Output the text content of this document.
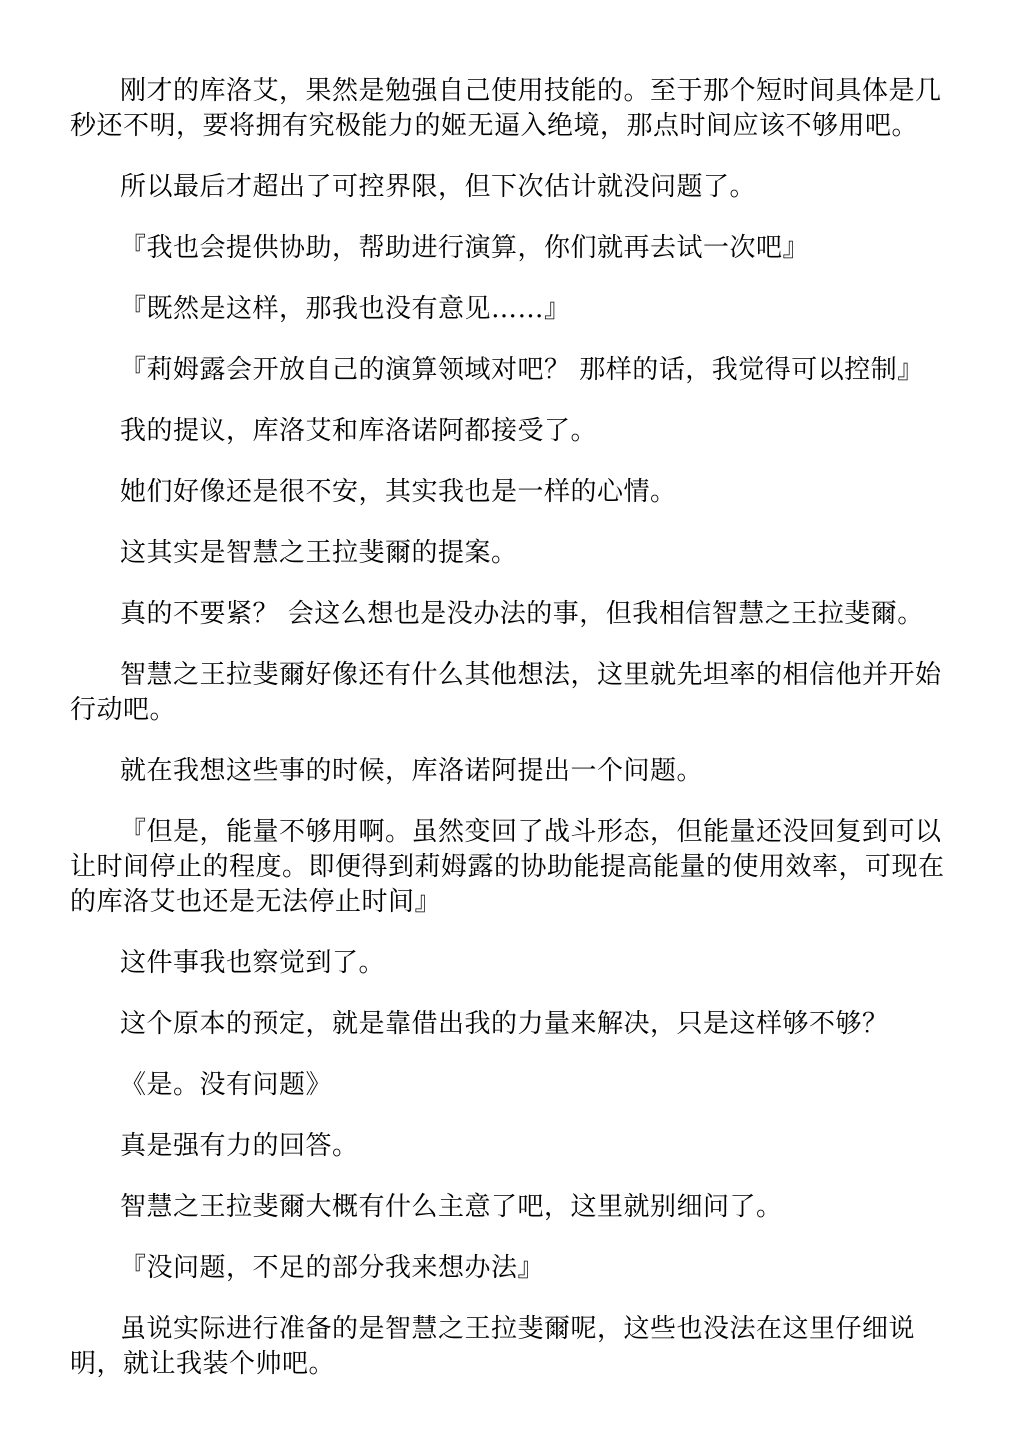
刚才的库洛艾，果然是勉强自己使用技能的。至于那个短时间具体是几秒还不明，要将拥有究极能力的姬无逼入绝境，那点时间应该不够用吧。

所以最后才超出了可控界限，但下次估计就没问题了。

『我也会提供协助，帮助进行演算，你们就再去试一次吧』

『既然是这样，那我也没有意见……』

『莉姆露会开放自己的演算领域对吧？ 那样的话，我觉得可以控制』

我的提议，库洛艾和库洛诺阿都接受了。

她们好像还是很不安，其实我也是一样的心情。

这其实是智慧之王拉斐爾的提案。

真的不要紧？ 会这么想也是没办法的事，但我相信智慧之王拉斐爾。

智慧之王拉斐爾好像还有什么其他想法，这里就先坦率的相信他并开始行动吧。

就在我想这些事的时候，库洛诺阿提出一个问题。

『但是，能量不够用啊。虽然变回了战斗形态，但能量还没回复到可以让时间停止的程度。即便得到莉姆露的协助能提高能量的使用效率，可现在的库洛艾也还是无法停止时间』

这件事我也察觉到了。

这个原本的预定，就是靠借出我的力量来解决，只是这样够不够？

《是。没有问题》

真是强有力的回答。

智慧之王拉斐爾大概有什么主意了吧，这里就别细问了。

『没问题，不足的部分我来想办法』

虽说实际进行准备的是智慧之王拉斐爾呢，这些也没法在这里仔细说明，就让我装个帅吧。
